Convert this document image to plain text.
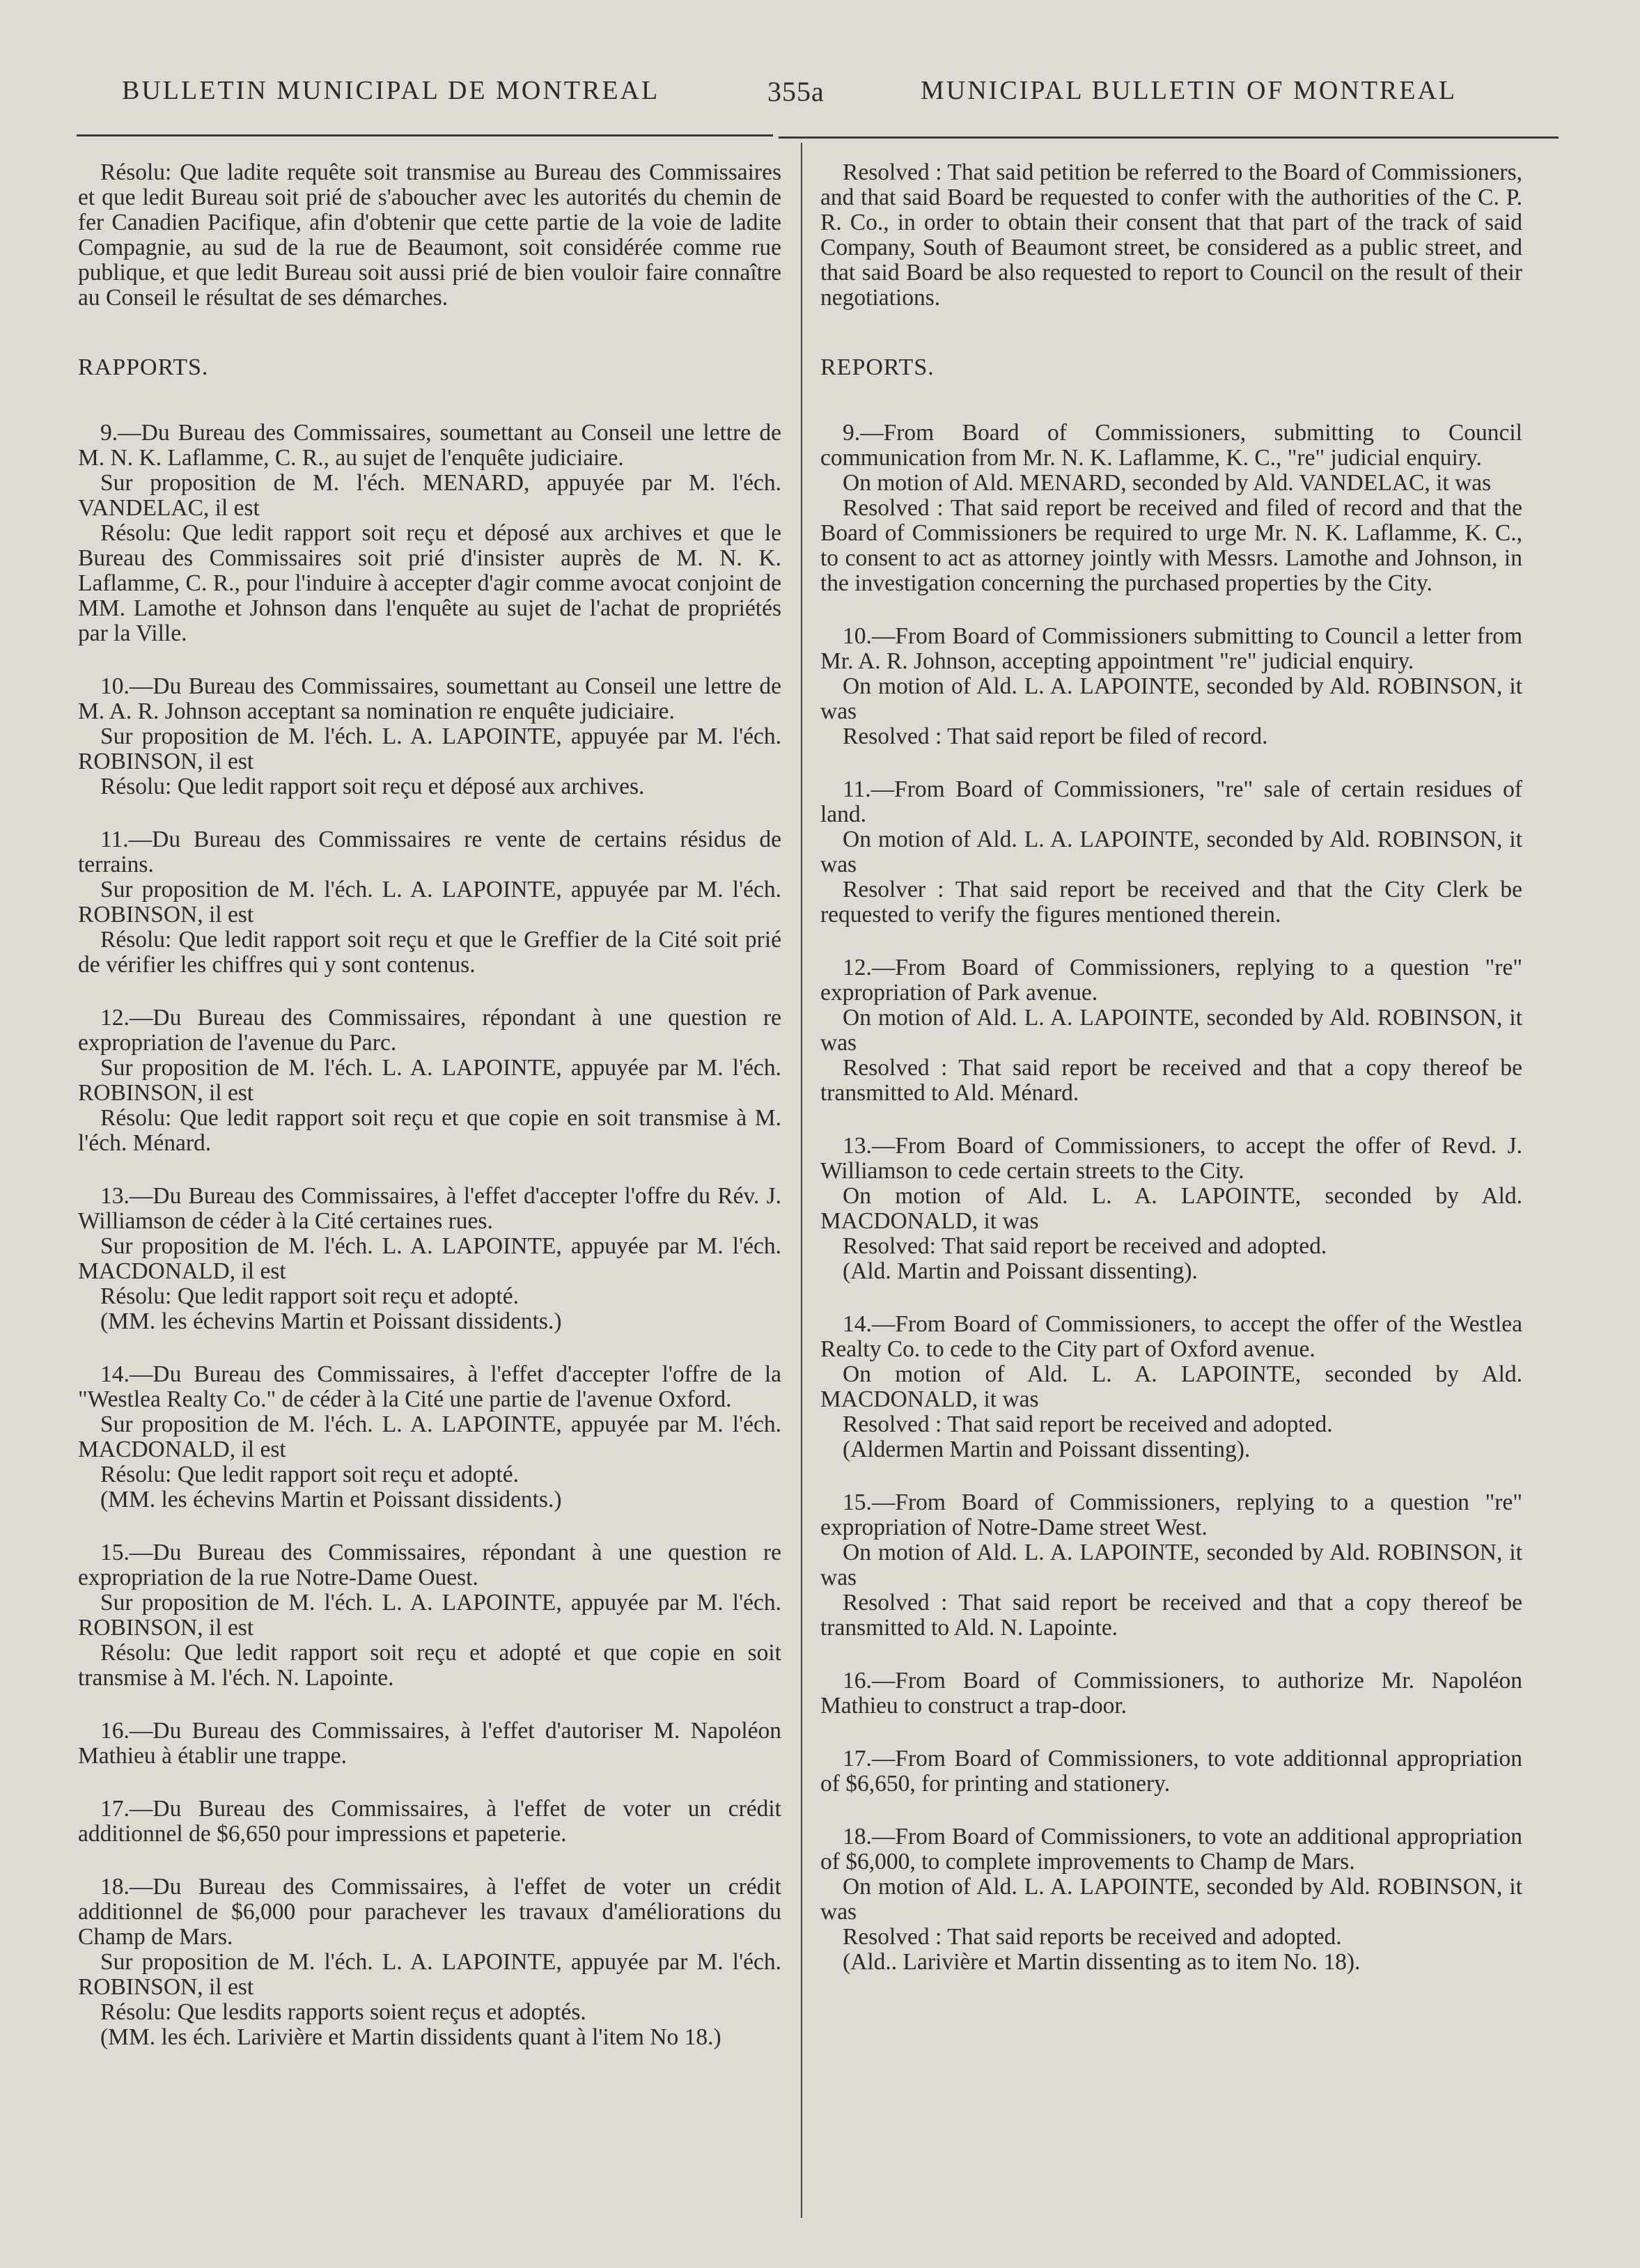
BULLETIN MUNICIPAL DE MONTREAL	355a	MUNICIPAL BULLETIN OF MONTREAL

Résolu: Que ladite requête soit transmise au Bureau des Commissaires et que ledit Bureau soit prié de s'aboucher avec les autorités du chemin de fer Canadien Pacifique, afin d'obtenir que cette partie de la voie de ladite Compagnie, au sud de la rue de Beaumont, soit considérée comme rue publique, et que ledit Bureau soit aussi prié de bien vouloir faire connaître au Conseil le résultat de ses démarches.

RAPPORTS.

9.—Du Bureau des Commissaires, soumettant au Conseil une lettre de M. N. K. Laflamme, C. R., au sujet de l'enquête judiciaire.

Sur proposition de M. l'éch. MENARD, appuyée par M. l'éch. VANDELAC, il est

Résolu: Que ledit rapport soit reçu et déposé aux archives et que le Bureau des Commissaires soit prié d'insister auprès de M. N. K. Laflamme, C. R., pour l'induire à accepter d'agir comme avocat conjoint de MM. Lamothe et Johnson dans l'enquête au sujet de l'achat de propriétés par la Ville.

10.—Du Bureau des Commissaires, soumettant au Conseil une lettre de M. A. R. Johnson acceptant sa nomination re enquête judiciaire.

Sur proposition de M. l'éch. L. A. LAPOINTE, appuyée par M. l'éch. ROBINSON, il est

Résolu: Que ledit rapport soit reçu et déposé aux archives.

11.—Du Bureau des Commissaires re vente de certains résidus de terrains.

Sur proposition de M. l'éch. L. A. LAPOINTE, appuyée par M. l'éch. ROBINSON, il est

Résolu: Que ledit rapport soit reçu et que le Greffier de la Cité soit prié de vérifier les chiffres qui y sont contenus.

12.—Du Bureau des Commissaires, répondant à une question re expropriation de l'avenue du Parc.

Sur proposition de M. l'éch. L. A. LAPOINTE, appuyée par M. l'éch. ROBINSON, il est

Résolu: Que ledit rapport soit reçu et que copie en soit transmise à M. l'éch. Ménard.

13.—Du Bureau des Commissaires, à l'effet d'accepter l'offre du Rév. J. Williamson de céder à la Cité certaines rues.

Sur proposition de M. l'éch. L. A. LAPOINTE, appuyée par M. l'éch. MACDONALD, il est

Résolu: Que ledit rapport soit reçu et adopté.

(MM. les échevins Martin et Poissant dissidents.)

14.—Du Bureau des Commissaires, à l'effet d'accepter l'offre de la "Westlea Realty Co." de céder à la Cité une partie de l'avenue Oxford.

Sur proposition de M. l'éch. L. A. LAPOINTE, appuyée par M. l'éch. MACDONALD, il est

Résolu: Que ledit rapport soit reçu et adopté.

(MM. les échevins Martin et Poissant dissidents.)

15.—Du Bureau des Commissaires, répondant à une question re expropriation de la rue Notre-Dame Ouest.

Sur proposition de M. l'éch. L. A. LAPOINTE, appuyée par M. l'éch. ROBINSON, il est

Résolu: Que ledit rapport soit reçu et adopté et que copie en soit transmise à M. l'éch. N. Lapointe.

16.—Du Bureau des Commissaires, à l'effet d'autoriser M. Napoléon Mathieu à établir une trappe.

17.—Du Bureau des Commissaires, à l'effet de voter un crédit additionnel de $6,650 pour impressions et papeterie.

18.—Du Bureau des Commissaires, à l'effet de voter un crédit additionnel de $6,000 pour parachever les travaux d'améliorations du Champ de Mars.

Sur proposition de M. l'éch. L. A. LAPOINTE, appuyée par M. l'éch. ROBINSON, il est

Résolu: Que lesdits rapports soient reçus et adoptés.

(MM. les éch. Larivière et Martin dissidents quant à l'item No 18.)

Resolved : That said petition be referred to the Board of Commissioners, and that said Board be requested to confer with the authorities of the C. P. R. Co., in order to obtain their consent that that part of the track of said Company, South of Beaumont street, be considered as a public street, and that said Board be also requested to report to Council on the result of their negotiations.

REPORTS.

9.—From Board of Commissioners, submitting to Council communication from Mr. N. K. Laflamme, K. C., "re" judicial enquiry.

On motion of Ald. MENARD, seconded by Ald. VANDELAC, it was

Resolved : That said report be received and filed of record and that the Board of Commissioners be required to urge Mr. N. K. Laflamme, K. C., to consent to act as attorney jointly with Messrs. Lamothe and Johnson, in the investigation concerning the purchased properties by the City.

10.—From Board of Commissioners submitting to Council a letter from Mr. A. R. Johnson, accepting appointment "re" judicial enquiry.

On motion of Ald. L. A. LAPOINTE, seconded by Ald. ROBINSON, it was

Resolved : That said report be filed of record.

11.—From Board of Commissioners, "re" sale of certain residues of land.

On motion of Ald. L. A. LAPOINTE, seconded by Ald. ROBINSON, it was

Resolver : That said report be received and that the City Clerk be requested to verify the figures mentioned therein.

12.—From Board of Commissioners, replying to a question "re" expropriation of Park avenue.

On motion of Ald. L. A. LAPOINTE, seconded by Ald. ROBINSON, it was

Resolved : That said report be received and that a copy thereof be transmitted to Ald. Ménard.

13.—From Board of Commissioners, to accept the offer of Revd. J. Williamson to cede certain streets to the City.

On motion of Ald. L. A. LAPOINTE, seconded by Ald. MACDONALD, it was

Resolved: That said report be received and adopted.

(Ald. Martin and Poissant dissenting).

14.—From Board of Commissioners, to accept the offer of the Westlea Realty Co. to cede to the City part of Oxford avenue.

On motion of Ald. L. A. LAPOINTE, seconded by Ald. MACDONALD, it was

Resolved : That said report be received and adopted.

(Aldermen Martin and Poissant dissenting).

15.—From Board of Commissioners, replying to a question "re" expropriation of Notre-Dame street West.

On motion of Ald. L. A. LAPOINTE, seconded by Ald. ROBINSON, it was

Resolved : That said report be received and that a copy thereof be transmitted to Ald. N. Lapointe.

16.—From Board of Commissioners, to authorize Mr. Napoléon Mathieu to construct a trap-door.

17.—From Board of Commissioners, to vote additionnal appropriation of $6,650, for printing and stationery.

18.—From Board of Commissioners, to vote an additional appropriation of $6,000, to complete improvements to Champ de Mars.

On motion of Ald. L. A. LAPOINTE, seconded by Ald. ROBINSON, it was

Resolved : That said reports be received and adopted.

(Ald.. Larivière et Martin dissenting as to item No. 18).
